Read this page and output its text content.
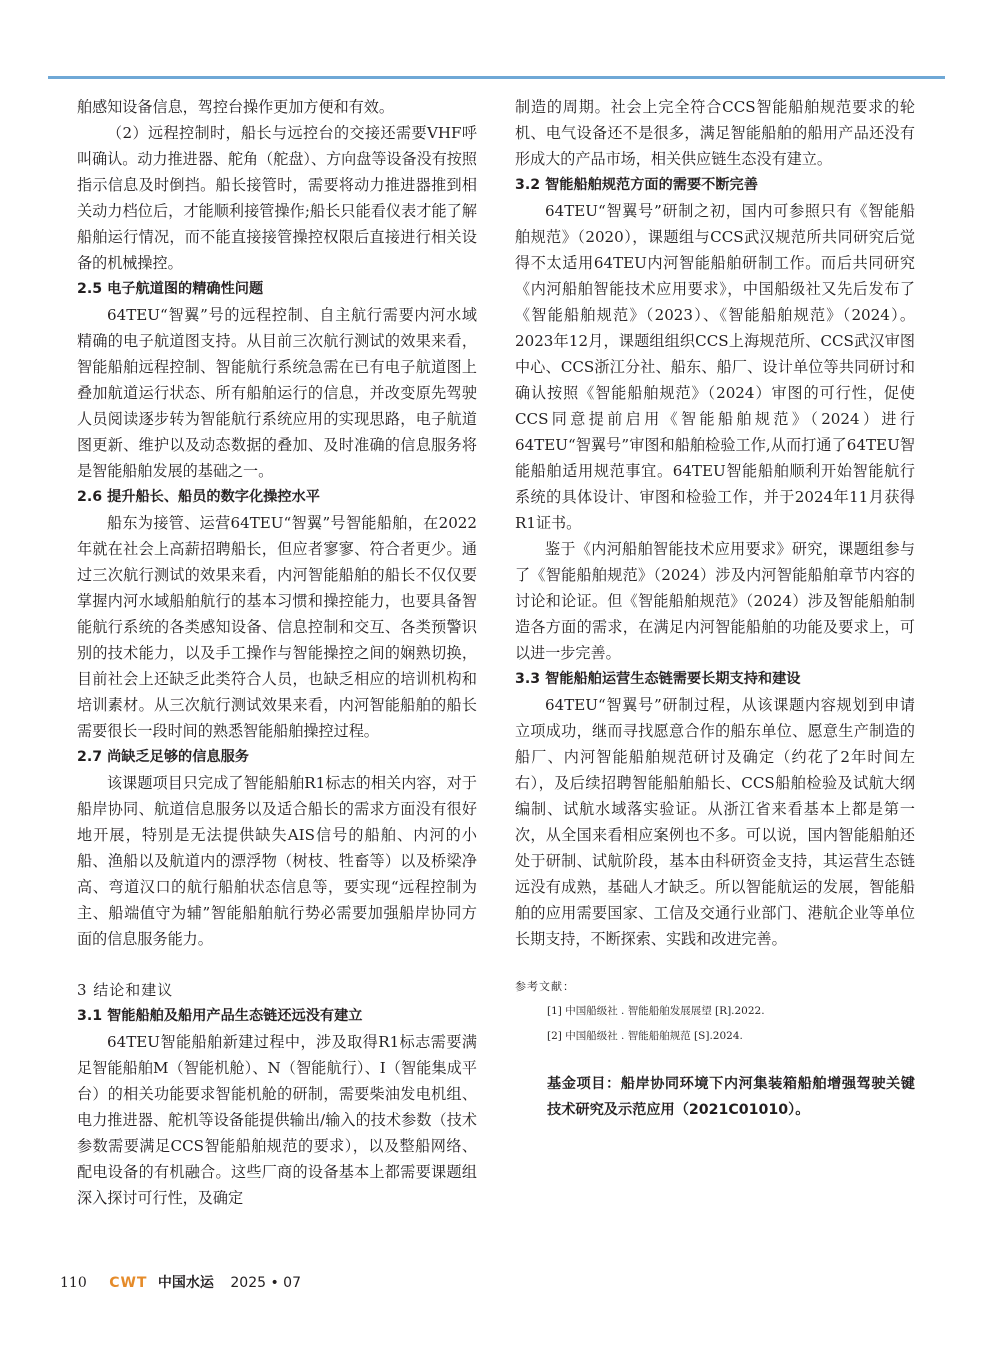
舶感知设备信息，驾控台操作更加方便和有效。

（2）远程控制时，船长与远控台的交接还需要VHF呼叫确认。动力推进器、舵角（舵盘）、方向盘等设备没有按照指示信息及时倒挡。船长接管时，需要将动力推进器推到相关动力档位后，才能顺利接管操作;船长只能看仪表才能了解船舶运行情况，而不能直接接管操控权限后直接进行相关设备的机械操控。

2.5 电子航道图的精确性问题

64TEU“智翼”号的远程控制、自主航行需要内河水域精确的电子航道图支持。从目前三次航行测试的效果来看，智能船舶远程控制、智能航行系统急需在已有电子航道图上叠加航道运行状态、所有船舶运行的信息，并改变原先驾驶人员阅读逐步转为智能航行系统应用的实现思路，电子航道图更新、维护以及动态数据的叠加、及时准确的信息服务将是智能船舶发展的基础之一。

2.6 提升船长、船员的数字化操控水平

船东为接管、运营64TEU“智翼”号智能船舶，在2022年就在社会上高薪招聘船长，但应者寥寥、符合者更少。通过三次航行测试的效果来看，内河智能船舶的船长不仅仅要掌握内河水域船舶航行的基本习惯和操控能力，也要具备智能航行系统的各类感知设备、信息控制和交互、各类预警识别的技术能力，以及手工操作与智能操控之间的娴熟切换，目前社会上还缺乏此类符合人员，也缺乏相应的培训机构和培训素材。从三次航行测试效果来看，内河智能船舶的船长需要很长一段时间的熟悉智能船舶操控过程。

2.7 尚缺乏足够的信息服务

该课题项目只完成了智能船舶R1标志的相关内容，对于船岸协同、航道信息服务以及适合船长的需求方面没有很好地开展，特别是无法提供缺失AIS信号的船舶、内河的小船、渔船以及航道内的漂浮物（树枝、牲畜等）以及桥梁净高、弯道汉口的航行船舶状态信息等，要实现“远程控制为主、船端值守为辅”智能船舶航行势必需要加强船岸协同方面的信息服务能力。

3 结论和建议

3.1 智能船舶及船用产品生态链还远没有建立

64TEU智能船舶新建过程中，涉及取得R1标志需要满足智能船舶M（智能机舱）、N（智能航行）、I（智能集成平台）的相关功能要求智能机舱的研制，需要柴油发电机组、电力推进器、舵机等设备能提供输出/输入的技术参数（技术参数需要满足CCS智能船舶规范的要求），以及整船网络、配电设备的有机融合。这些厂商的设备基本上都需要课题组深入探讨可行性，及确定

制造的周期。社会上完全符合CCS智能船舶规范要求的轮机、电气设备还不是很多，满足智能船舶的船用产品还没有形成大的产品市场，相关供应链生态没有建立。

3.2 智能船舶规范方面的需要不断完善

64TEU“智翼号”研制之初，国内可参照只有《智能船舶规范》（2020），课题组与CCS武汉规范所共同研究后觉得不太适用64TEU内河智能船舶研制工作。而后共同研究《内河船舶智能技术应用要求》，中国船级社又先后发布了《智能船舶规范》（2023）、《智能船舶规范》（2024）。2023年12月，课题组组织CCS上海规范所、CCS武汉审图中心、CCS浙江分社、船东、船厂、设计单位等共同研讨和确认按照《智能船舶规范》（2024）审图的可行性，促使CCS同意提前启用《智能船舶规范》（2024）进行64TEU“智翼号”审图和船舶检验工作,从而打通了64TEU智能船舶适用规范事宜。64TEU智能船舶顺利开始智能航行系统的具体设计、审图和检验工作，并于2024年11月获得R1证书。

鉴于《内河船舶智能技术应用要求》研究，课题组参与了《智能船舶规范》（2024）涉及内河智能船舶章节内容的讨论和论证。但《智能船舶规范》（2024）涉及智能船舶制造各方面的需求，在满足内河智能船舶的功能及要求上，可以进一步完善。

3.3 智能船舶运营生态链需要长期支持和建设

64TEU“智翼号”研制过程，从该课题内容规划到申请立项成功，继而寻找愿意合作的船东单位、愿意生产制造的船厂、内河智能船舶规范研讨及确定（约花了2年时间左右），及后续招聘智能船舶船长、CCS船舶检验及试航大纲编制、试航水域落实验证。从浙江省来看基本上都是第一次，从全国来看相应案例也不多。可以说，国内智能船舶还处于研制、试航阶段，基本由科研资金支持，其运营生态链远没有成熟，基础人才缺乏。所以智能航运的发展，智能船舶的应用需要国家、工信及交通行业部门、港航企业等单位长期支持，不断探索、实践和改进完善。

参考文献：

[1] 中国船级社 . 智能船舶发展展望 [R].2022.

[2] 中国船级社 . 智能船舶规范 [S].2024.

基金项目：船岸协同环境下内河集装箱船舶增强驾驶关键技术研究及示范应用（2021C01010）。

110 CWT 中国水运 2025 • 07
